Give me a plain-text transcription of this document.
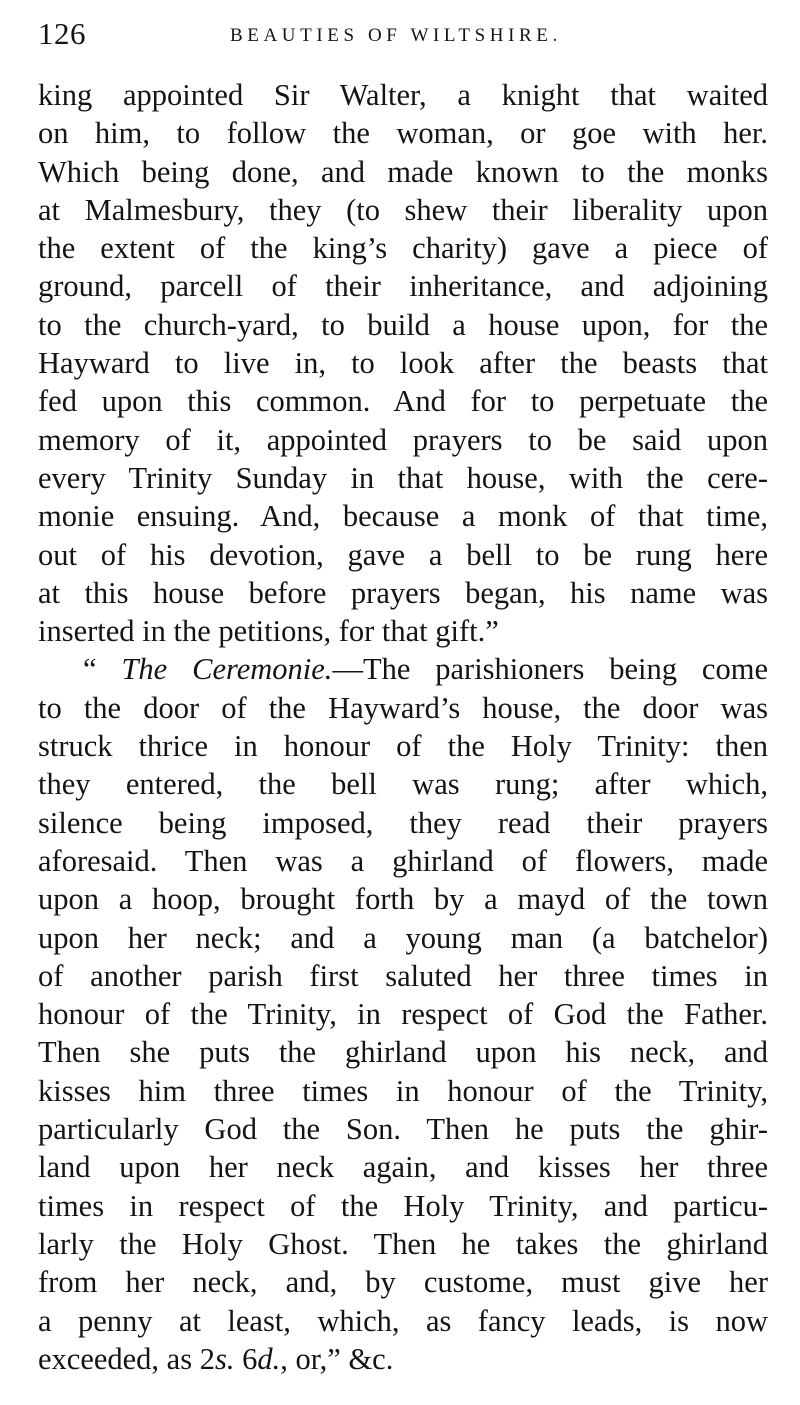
126	BEAUTIES OF WILTSHIRE.
king appointed Sir Walter, a knight that waited
on him, to follow the woman, or goe with her.
Which being done, and made known to the monks
at Malmesbury, they (to shew their liberality upon
the extent of the king’s charity) gave a piece of
ground, parcell of their inheritance, and adjoining
to the church-yard, to build a house upon, for the
Hayward to live in, to look after the beasts that
fed upon this common. And for to perpetuate the
memory of it, appointed prayers to be said upon
every Trinity Sunday in that house, with the cere-
monie ensuing. And, because a monk of that time,
out of his devotion, gave a bell to be rung here
at this house before prayers began, his name was
inserted in the petitions, for that gift.”
“ The Ceremonie.—The parishioners being come
to the door of the Hayward’s house, the door was
struck thrice in honour of the Holy Trinity: then
they entered, the bell was rung; after which,
silence being imposed, they read their prayers
aforesaid. Then was a ghirland of flowers, made
upon a hoop, brought forth by a mayd of the town
upon her neck; and a young man (a batchelor)
of another parish first saluted her three times in
honour of the Trinity, in respect of God the Father.
Then she puts the ghirland upon his neck, and
kisses him three times in honour of the Trinity,
particularly God the Son. Then he puts the ghir-
land upon her neck again, and kisses her three
times in respect of the Holy Trinity, and particu-
larly the Holy Ghost. Then he takes the ghirland
from her neck, and, by custome, must give her
a penny at least, which, as fancy leads, is now
exceeded, as 2s. 6d., or,” &c.
